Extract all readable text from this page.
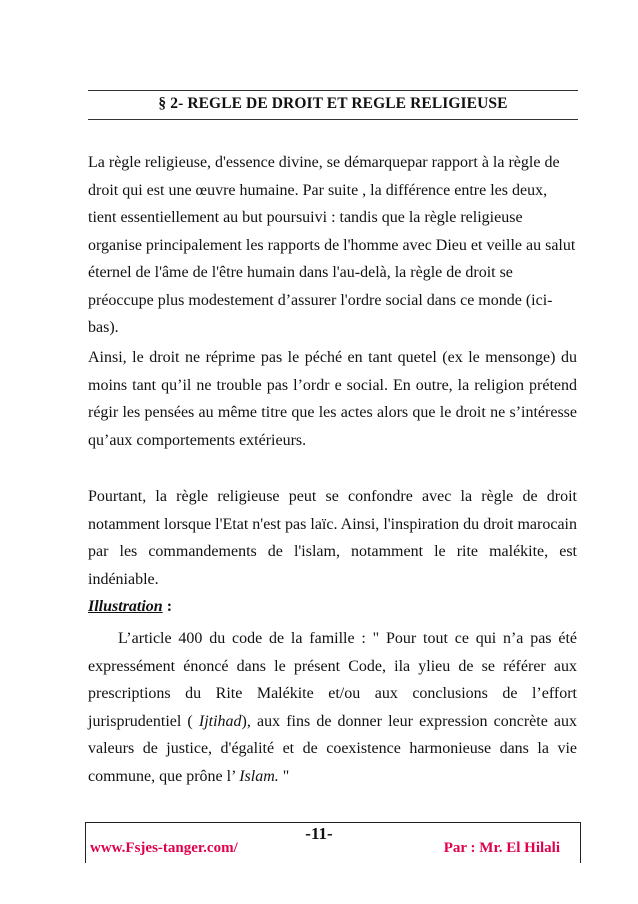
§ 2- REGLE DE DROIT ET REGLE RELIGIEUSE

La règle religieuse, d'essence divine, se démarquepar rapport à la règle de droit qui est une œuvre humaine. Par suite , la différence entre les deux, tient essentiellement au but poursuivi : tandis que la règle religieuse organise principalement les rapports de l'homme avec Dieu et veille au salut éternel de l'âme de l'être humain dans l'au-delà, la règle de droit se préoccupe plus modestement d’assurer l'ordre social dans ce monde (ici-bas).

Ainsi, le droit ne réprime pas le péché en tant quetel (ex le mensonge) du moins tant qu’il ne trouble pas l’ordr e social. En outre, la religion prétend régir les pensées au même titre que les actes alors que le droit ne s’intéresse qu’aux comportements extérieurs.

Pourtant, la règle religieuse peut se confondre avec la règle de droit notamment lorsque l'Etat n'est pas laïc. Ainsi, l'inspiration du droit marocain par les commandements de l'islam, notamment le rite malékite, est indéniable.

Illustration :

L’article 400 du code de la famille : " Pour tout ce qui n’a pas été expressément énoncé dans le présent Code, ila ylieu de se référer aux prescriptions du Rite Malékite et/ou aux conclusions de l’effort jurisprudentiel ( Ijtihad), aux fins de donner leur expression concrète aux valeurs de justice, d'égalité et de coexistence harmonieuse dans la vie commune, que prône l’ Islam. "

-11-
www.Fsjes-tanger.com/	Par : Mr. El Hilali
